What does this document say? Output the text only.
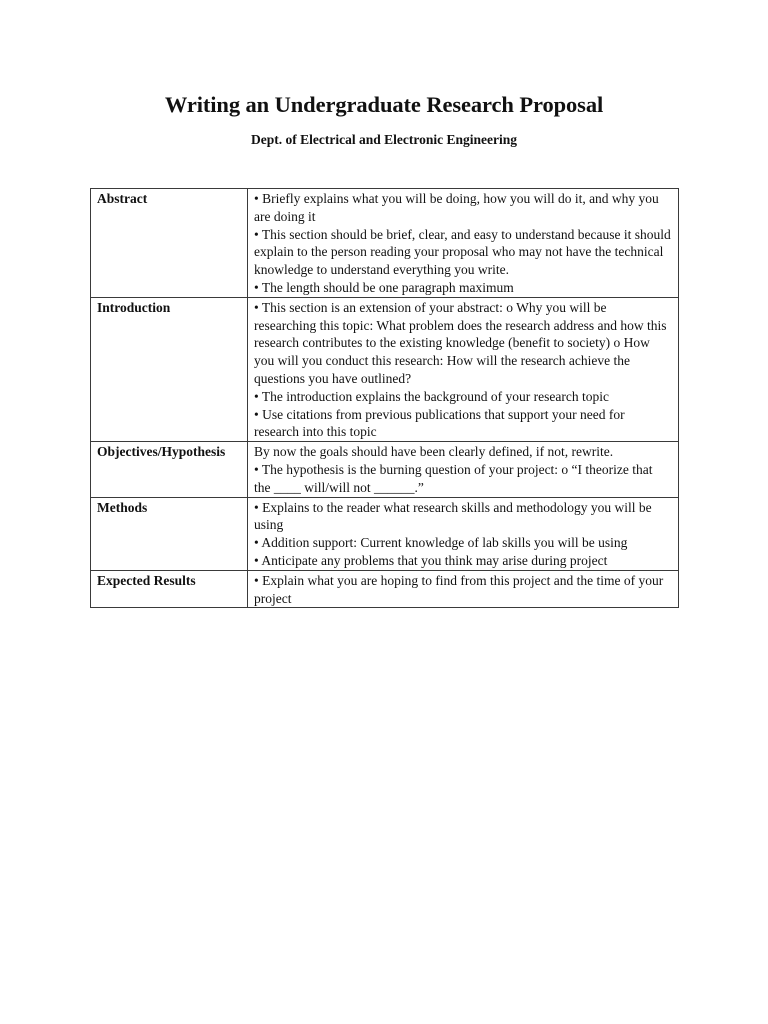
Writing an Undergraduate Research Proposal
Dept. of Electrical and Electronic Engineering
Abstract	• Briefly explains what you will be doing, how you will do it, and why you are doing it
• This section should be brief, clear, and easy to understand because it should explain to the person reading your proposal who may not have the technical knowledge to understand everything you write.
• The length should be one paragraph maximum

Introduction	• This section is an extension of your abstract: o Why you will be researching this topic: What problem does the research address and how this research contributes to the existing knowledge (benefit to society) o How you will you conduct this research: How will the research achieve the questions you have outlined?
• The introduction explains the background of your research topic
• Use citations from previous publications that support your need for research into this topic

Objectives/Hypothesis	By now the goals should have been clearly defined, if not, rewrite.
• The hypothesis is the burning question of your project: o “I theorize that the ____ will/will not ______.”

Methods	• Explains to the reader what research skills and methodology you will be using
• Addition support: Current knowledge of lab skills you will be using
• Anticipate any problems that you think may arise during project

Expected Results	• Explain what you are hoping to find from this project and the time of your project
